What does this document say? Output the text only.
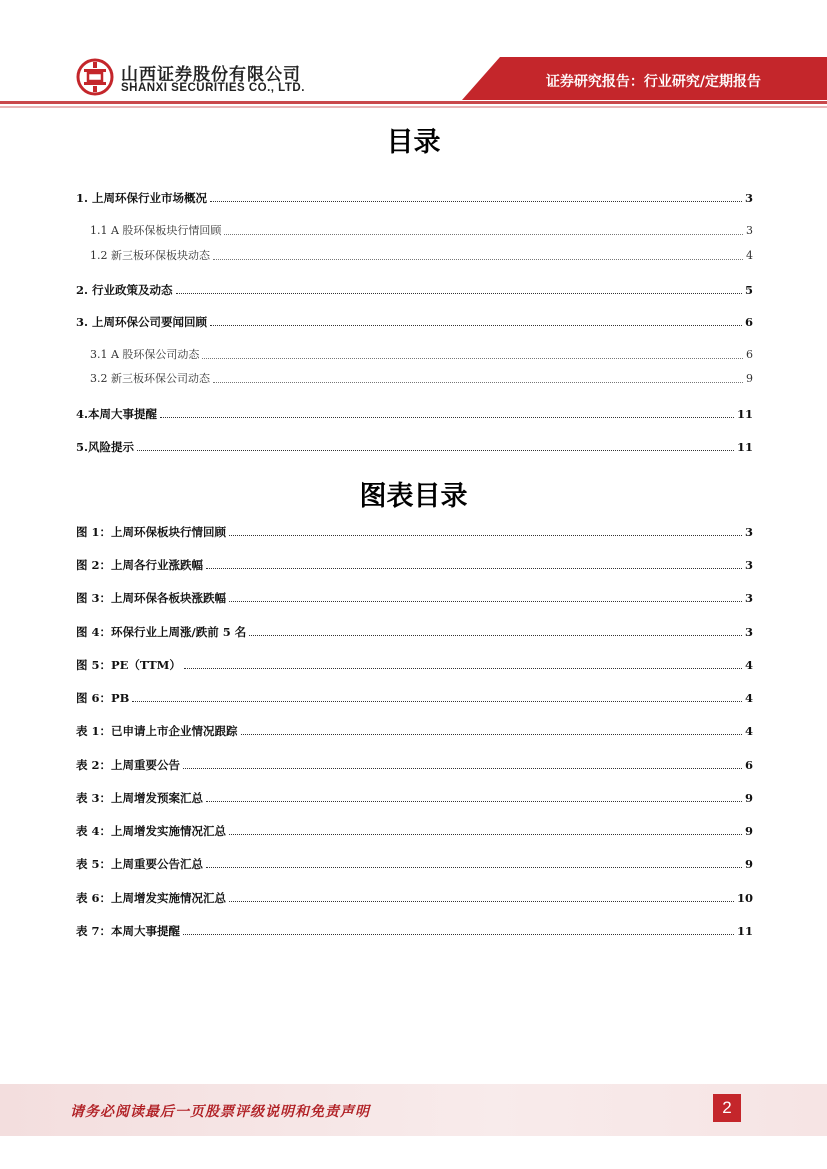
山西证券股份有限公司
SHANXI SECURITIES CO., LTD.	证券研究报告：行业研究/定期报告
目录
1. 上周环保行业市场概况	3
1.1 A 股环保板块行情回顾	3
1.2 新三板环保板块动态	4
2. 行业政策及动态	5
3. 上周环保公司要闻回顾	6
3.1 A 股环保公司动态	6
3.2 新三板环保公司动态	9
4.本周大事提醒	11
5.风险提示	11
图表目录
图 1：上周环保板块行情回顾	3
图 2：上周各行业涨跌幅	3
图 3：上周环保各板块涨跌幅	3
图 4：环保行业上周涨/跌前 5 名	3
图 5：PE（TTM）	4
图 6：PB	4
表 1：已申请上市企业情况跟踪	4
表 2：上周重要公告	6
表 3：上周增发预案汇总	9
表 4：上周增发实施情况汇总	9
表 5：上周重要公告汇总	9
表 6：上周增发实施情况汇总	10
表 7：本周大事提醒	11
请务必阅读最后一页股票评级说明和免责声明	2
